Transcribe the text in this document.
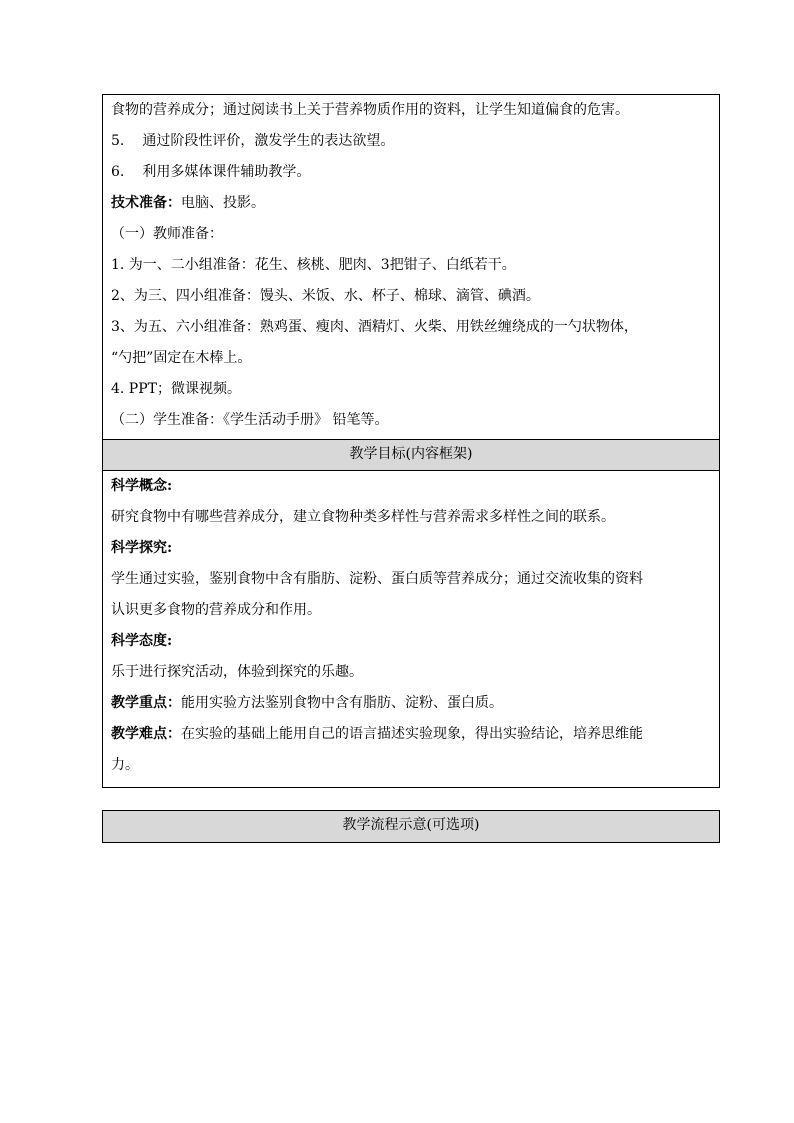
食物的营养成分；通过阅读书上关于营养物质作用的资料，让学生知道偏食的危害。
5. 通过阶段性评价，激发学生的表达欲望。
6. 利用多媒体课件辅助教学。
技术准备：电脑、投影。
（一）教师准备：
1. 为一、二小组准备：花生、核桃、肥肉、3把钳子、白纸若干。
2、为三、四小组准备：馒头、米饭、水、杯子、棉球、滴管、碘酒。
3、为五、六小组准备：熟鸡蛋、瘦肉、酒精灯、火柴、用铁丝缠绕成的一勺状物体，
“勺把”固定在木棒上。
4. PPT；微课视频。
（二）学生准备：《学生活动手册》 铅笔等。
教学目标(内容框架)
科学概念:
研究食物中有哪些营养成分，建立食物种类多样性与营养需求多样性之间的联系。
科学探究:
学生通过实验，鉴别食物中含有脂肪、淀粉、蛋白质等营养成分；通过交流收集的资料
认识更多食物的营养成分和作用。
科学态度:
乐于进行探究活动，体验到探究的乐趣。
教学重点：能用实验方法鉴别食物中含有脂肪、淀粉、蛋白质。
教学难点：在实验的基础上能用自己的语言描述实验现象，得出实验结论，培养思维能
力。
教学流程示意(可选项)
